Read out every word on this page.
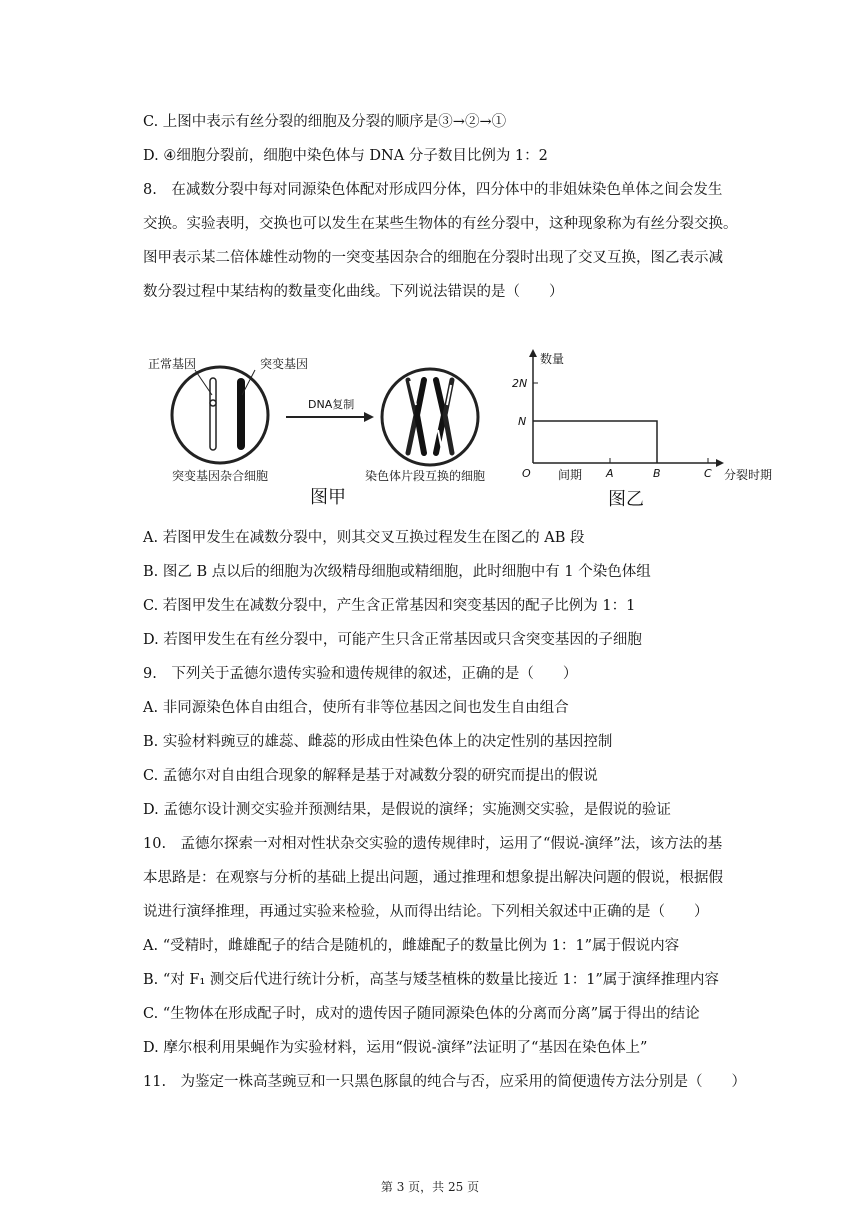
C. 上图中表示有丝分裂的细胞及分裂的顺序是③→②→①
D. ④细胞分裂前，细胞中染色体与 DNA 分子数目比例为 1：2
8.　在减数分裂中每对同源染色体配对形成四分体，四分体中的非姐妹染色单体之间会发生
交换。实验表明，交换也可以发生在某些生物体的有丝分裂中，这种现象称为有丝分裂交换。
图甲表示某二倍体雄性动物的一突变基因杂合的细胞在分裂时出现了交叉互换，图乙表示减
数分裂过程中某结构的数量变化曲线。下列说法错误的是（　　）
正常基因	突变基因
突变基因杂合细胞
DNA复制
染色体片段互换的细胞
图甲
数量
2N
N
O 间期 A	B	C 分裂时期
图乙
A. 若图甲发生在减数分裂中，则其交叉互换过程发生在图乙的 AB 段
B. 图乙 B 点以后的细胞为次级精母细胞或精细胞，此时细胞中有 1 个染色体组
C. 若图甲发生在减数分裂中，产生含正常基因和突变基因的配子比例为 1：1
D. 若图甲发生在有丝分裂中，可能产生只含正常基因或只含突变基因的子细胞
9.　下列关于孟德尔遗传实验和遗传规律的叙述，正确的是（　　）
A. 非同源染色体自由组合，使所有非等位基因之间也发生自由组合
B. 实验材料豌豆的雄蕊、雌蕊的形成由性染色体上的决定性别的基因控制
C. 孟德尔对自由组合现象的解释是基于对减数分裂的研究而提出的假说
D. 孟德尔设计测交实验并预测结果，是假说的演绎；实施测交实验，是假说的验证
10.　孟德尔探索一对相对性状杂交实验的遗传规律时，运用了“假说-演绎”法，该方法的基
本思路是：在观察与分析的基础上提出问题，通过推理和想象提出解决问题的假说，根据假
说进行演绎推理，再通过实验来检验，从而得出结论。下列相关叙述中正确的是（　　）
A. “受精时，雌雄配子的结合是随机的，雌雄配子的数量比例为 1：1”属于假说内容
B. “对 F₁ 测交后代进行统计分析，高茎与矮茎植株的数量比接近 1：1”属于演绎推理内容
C. “生物体在形成配子时，成对的遗传因子随同源染色体的分离而分离”属于得出的结论
D. 摩尔根利用果蝇作为实验材料，运用“假说-演绎”法证明了“基因在染色体上”
11.　为鉴定一株高茎豌豆和一只黑色豚鼠的纯合与否，应采用的简便遗传方法分别是（　　）
第 3 页，共 25 页
